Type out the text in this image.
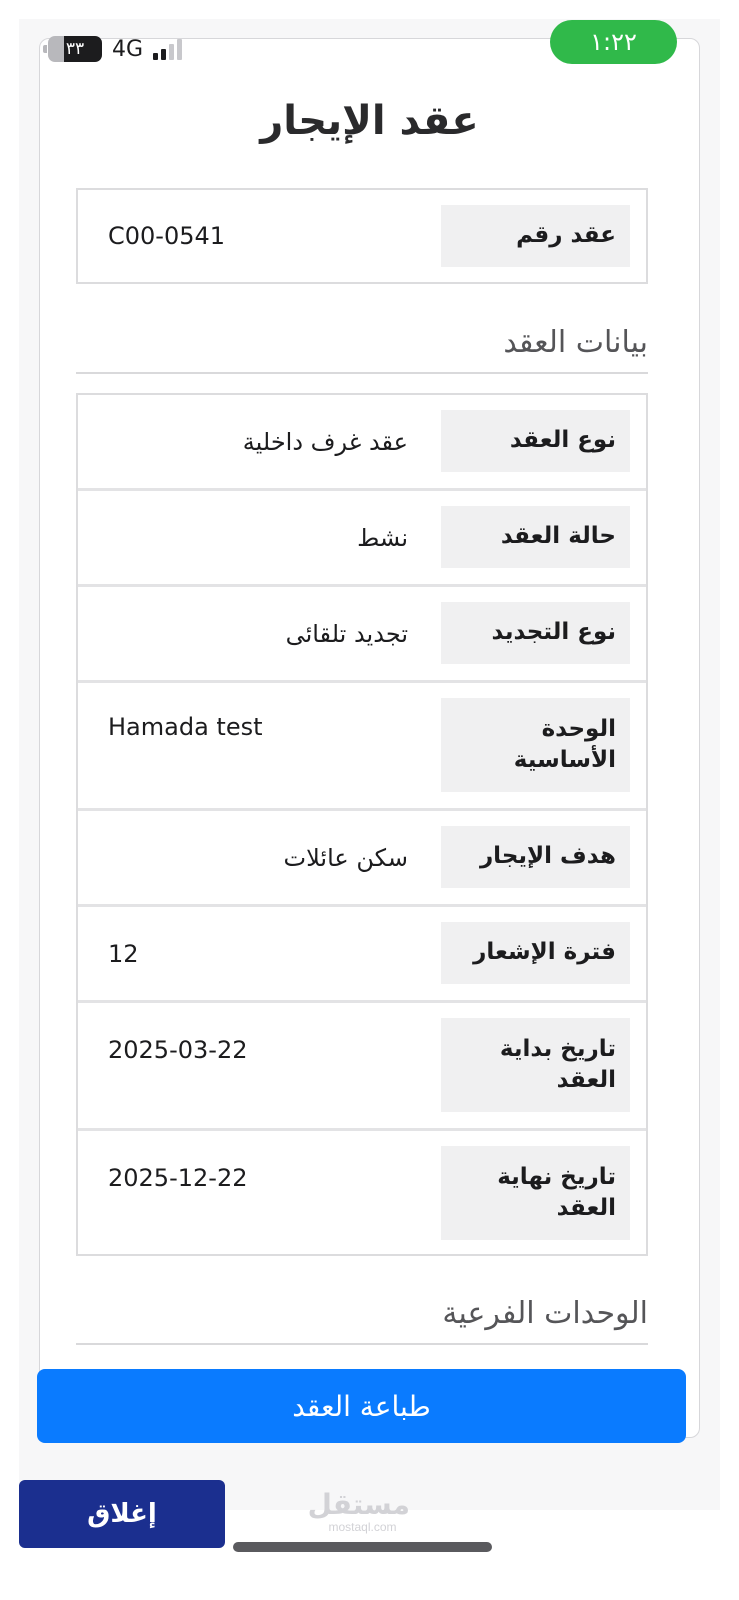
١:٢٢
٣٣ 4G
عقد الإيجار
عقد رقم
C00-0541
بيانات العقد
نوع العقد
عقد غرف داخلية
حالة العقد
نشط
نوع التجديد
تجديد تلقائى
الوحدة الأساسية
Hamada test
هدف الإيجار
سكن عائلات
فترة الإشعار
12
تاريخ بداية العقد
2025-03-22
تاريخ نهاية العقد
2025-12-22
الوحدات الفرعية
طباعة العقد
إغلاق	مستقل
mostaql.com
